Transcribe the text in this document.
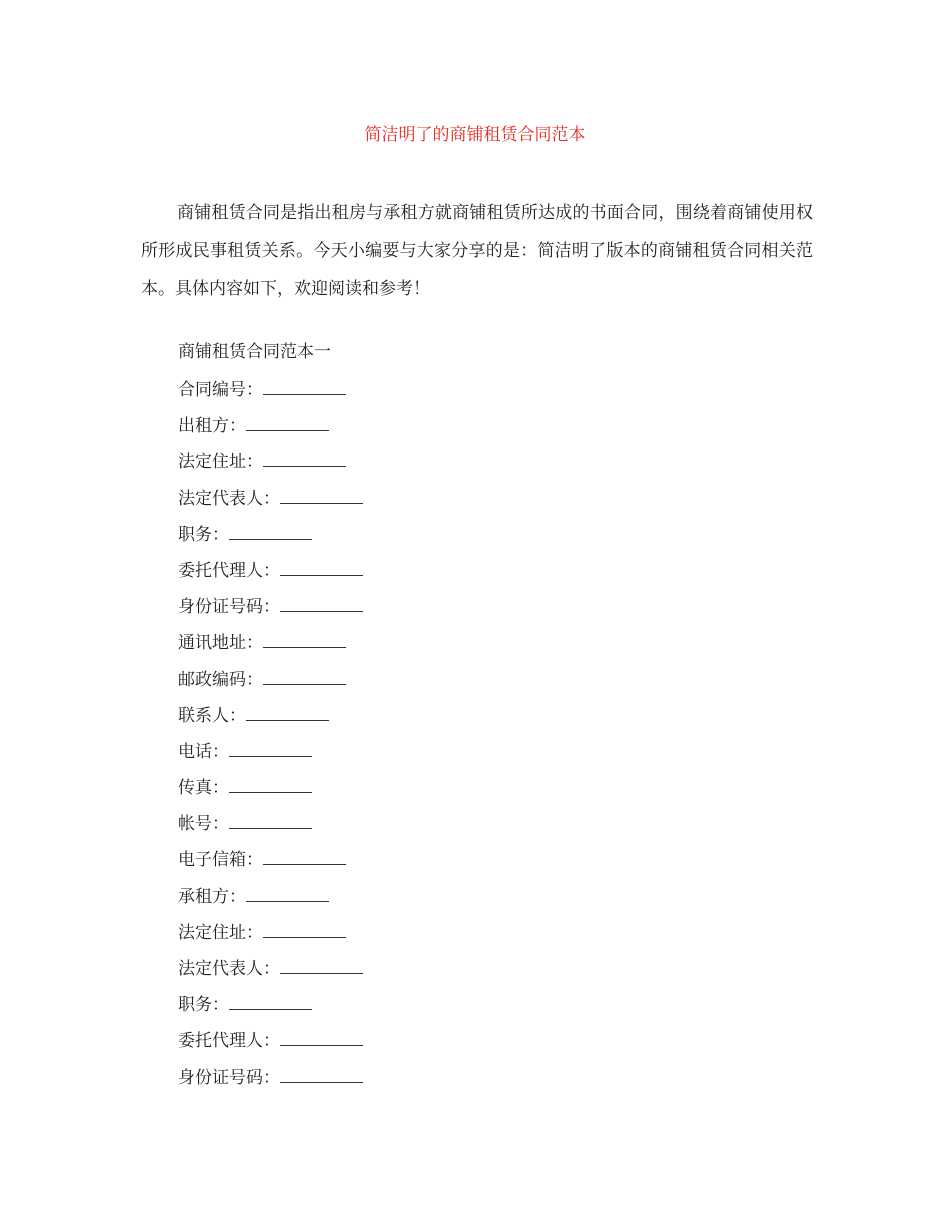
简洁明了的商铺租赁合同范本

商铺租赁合同是指出租房与承租方就商铺租赁所达成的书面合同，围绕着商铺使用权所形成民事租赁关系。今天小编要与大家分享的是：简洁明了版本的商铺租赁合同相关范本。具体内容如下，欢迎阅读和参考！

商铺租赁合同范本一
合同编号：
出租方：
法定住址：
法定代表人：
职务：
委托代理人：
身份证号码：
通讯地址：
邮政编码：
联系人：
电话：
传真：
帐号：
电子信箱：
承租方：
法定住址：
法定代表人：
职务：
委托代理人：
身份证号码：
